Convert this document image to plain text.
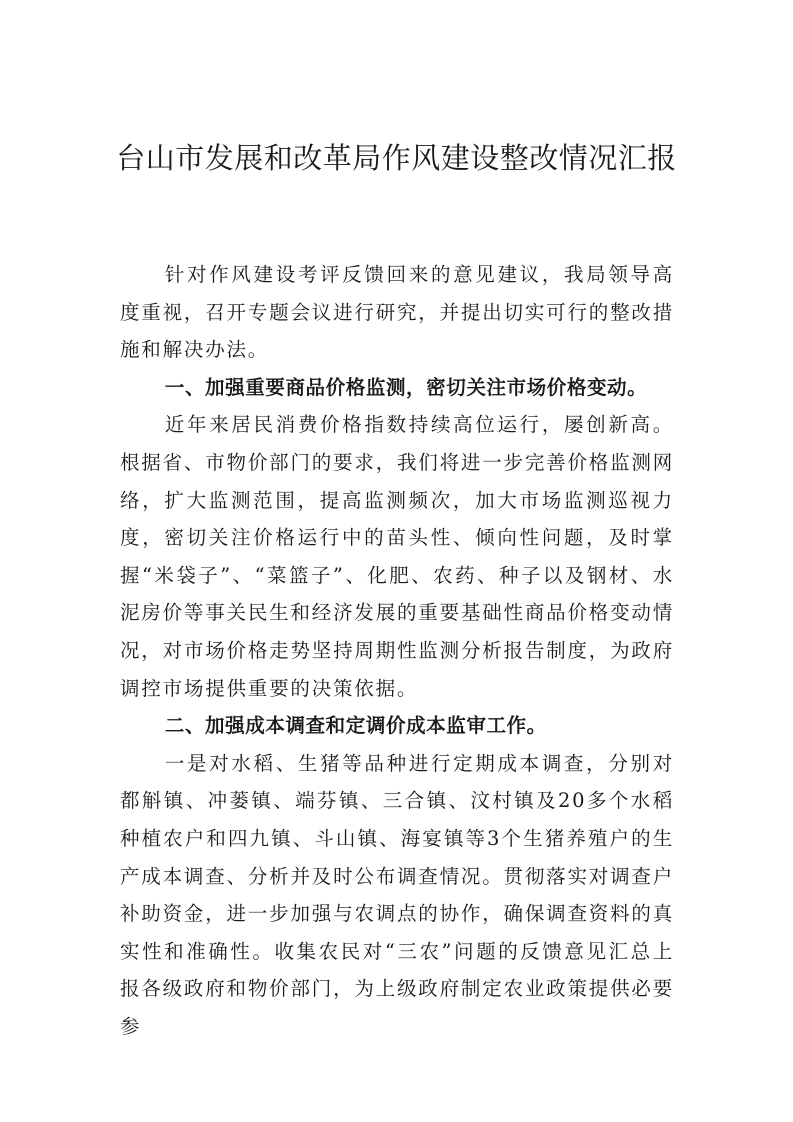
台山市发展和改革局作风建设整改情况汇报

针对作风建设考评反馈回来的意见建议，我局领导高度重视，召开专题会议进行研究，并提出切实可行的整改措施和解决办法。

一、加强重要商品价格监测，密切关注市场价格变动。

近年来居民消费价格指数持续高位运行，屡创新高。根据省、市物价部门的要求，我们将进一步完善价格监测网络，扩大监测范围，提高监测频次，加大市场监测巡视力度，密切关注价格运行中的苗头性、倾向性问题，及时掌握“米袋子”、“菜篮子”、化肥、农药、种子以及钢材、水泥房价等事关民生和经济发展的重要基础性商品价格变动情况，对市场价格走势坚持周期性监测分析报告制度，为政府调控市场提供重要的决策依据。

二、加强成本调查和定调价成本监审工作。

一是对水稻、生猪等品种进行定期成本调查，分别对都斛镇、冲蒌镇、端芬镇、三合镇、汶村镇及20多个水稻种植农户和四九镇、斗山镇、海宴镇等3个生猪养殖户的生产成本调查、分析并及时公布调查情况。贯彻落实对调查户补助资金，进一步加强与农调点的协作，确保调查资料的真实性和准确性。收集农民对“三农”问题的反馈意见汇总上报各级政府和物价部门，为上级政府制定农业政策提供必要参
